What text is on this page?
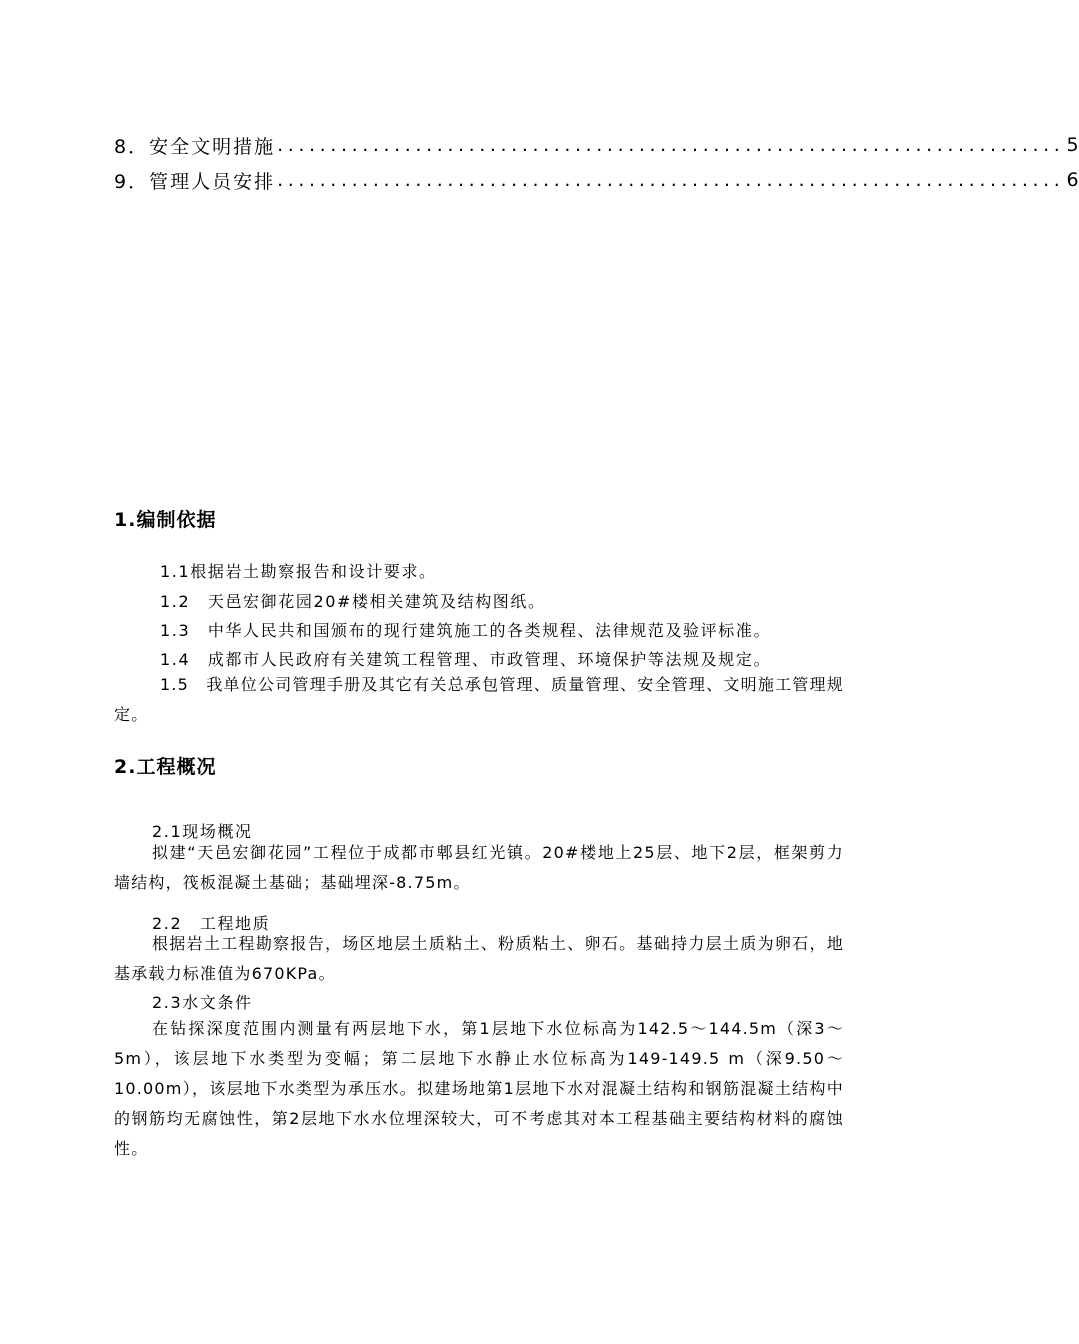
8． 安全文明措施 .......................................................................... 5
9． 管理人员安排 .......................................................................... 6
1.编制依据
1.1根据岩土勘察报告和设计要求。
1.2　天邑宏御花园20#楼相关建筑及结构图纸。
1.3　中华人民共和国颁布的现行建筑施工的各类规程、法律规范及验评标准。
1.4　成都市人民政府有关建筑工程管理、市政管理、环境保护等法规及规定。

1.5　我单位公司管理手册及其它有关总承包管理、质量管理、安全管理、文明施工管理规定。

2.工程概况
2.1现场概况

拟建“天邑宏御花园”工程位于成都市郫县红光镇。20#楼地上25层、地下2层，框架剪力墙结构，筏板混凝土基础；基础埋深-8.75m。

2.2　工程地质

根据岩土工程勘察报告，场区地层土质粘土、粉质粘土、卵石。基础持力层土质为卵石，地基承载力标准值为670KPa。

2.3水文条件

在钻探深度范围内测量有两层地下水，第1层地下水位标高为142.5～144.5m（深3～5m），该层地下水类型为变幅；第二层地下水静止水位标高为149-149.5 m（深9.50～10.00m），该层地下水类型为承压水。拟建场地第1层地下水对混凝土结构和钢筋混凝土结构中的钢筋均无腐蚀性，第2层地下水水位埋深较大，可不考虑其对本工程基础主要结构材料的腐蚀性。
